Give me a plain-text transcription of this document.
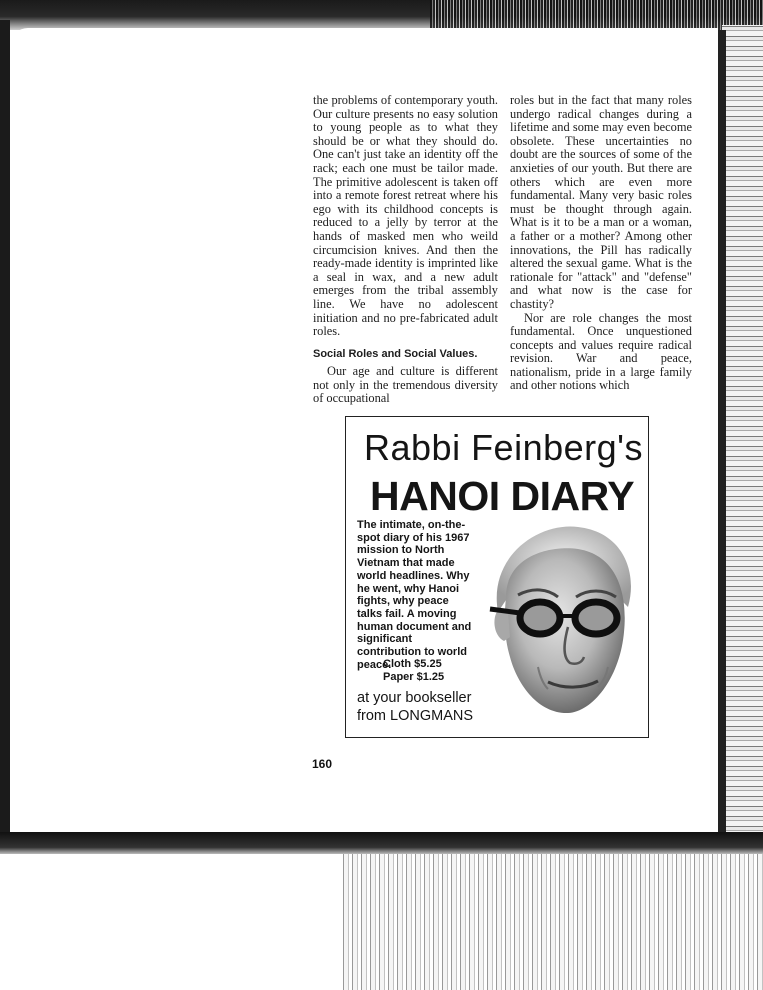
the problems of contemporary youth. Our culture presents no easy solution to young people as to what they should be or what they should do. One can't just take an identity off the rack; each one must be tailor made. The primitive adolescent is taken off into a remote forest retreat where his ego with its childhood concepts is reduced to a jelly by terror at the hands of masked men who weild circumcision knives. And then the ready-made identity is imprinted like a seal in wax, and a new adult emerges from the tribal assembly line. We have no adolescent initiation and no pre-fabricated adult roles.

Social Roles and Social Values.

Our age and culture is different not only in the tremendous diversity of occupational

roles but in the fact that many roles undergo radical changes during a lifetime and some may even become obsolete. These uncertainties no doubt are the sources of some of the anxieties of our youth. But there are others which are even more fundamental. Many very basic roles must be thought through again. What is it to be a man or a woman, a father or a mother? Among other innovations, the Pill has radically altered the sexual game. What is the rationale for "attack" and "defense" and what now is the case for chastity?

Nor are role changes the most fundamental. Once unquestioned concepts and values require radical revision. War and peace, nationalism, pride in a large family and other notions which

Rabbi Feinberg's
HANOI DIARY
The intimate, on-the-spot diary of his 1967 mission to North Vietnam that made world headlines. Why he went, why Hanoi fights, why peace talks fail. A moving human document and significant contribution to world peace.
Cloth $5.25
Paper $1.25
at your bookseller
from LONGMANS
160
